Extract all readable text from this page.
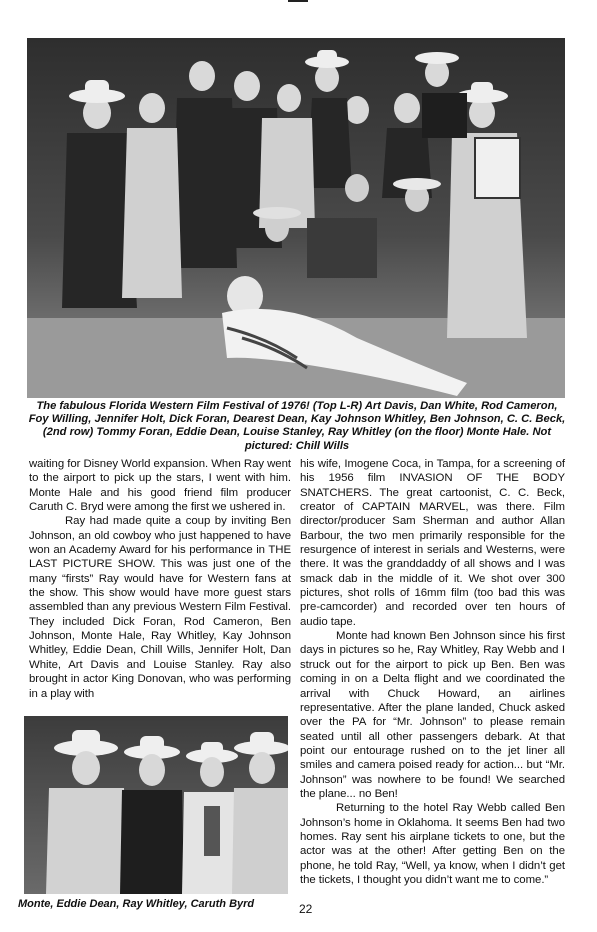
The fabulous Florida Western Film Festival of 1976! (Top L-R) Art Davis, Dan White, Rod Cameron, Foy Willing, Jennifer Holt, Dick Foran, Dearest Dean, Kay Johnson Whitley, Ben Johnson, C. C. Beck, (2nd row) Tommy Foran, Eddie Dean, Louise Stanley, Ray Whitley (on the floor) Monte Hale. Not pictured: Chill Wills

waiting for Disney World expansion. When Ray went to the airport to pick up the stars, I went with him. Monte Hale and his good friend film producer Caruth C. Bryd were among the first we ushered in.

Ray had made quite a coup by inviting Ben Johnson, an old cowboy who just happened to have won an Academy Award for his performance in THE LAST PICTURE SHOW. This was just one of the many “firsts” Ray would have for Western fans at the show. This show would have more guest stars assembled than any previous Western Film Festival. They included Dick Foran, Rod Cameron, Ben Johnson, Monte Hale, Ray Whitley, Kay Johnson Whitley, Eddie Dean, Chill Wills, Jennifer Holt, Dan White, Art Davis and Louise Stanley. Ray also brought in actor King Donovan, who was performing in a play with

his wife, Imogene Coca, in Tampa, for a screening of his 1956 film INVASION OF THE BODY SNATCHERS. The great cartoonist, C. C. Beck, creator of CAPTAIN MARVEL, was there. Film director/producer Sam Sherman and author Allan Barbour, the two men primarily responsible for the resurgence of interest in serials and Westerns, were there. It was the granddaddy of all shows and I was smack dab in the middle of it. We shot over 300 pictures, shot rolls of 16mm film (too bad this was pre-camcorder) and recorded over ten hours of audio tape.

Monte had known Ben Johnson since his first days in pictures so he, Ray Whitley, Ray Webb and I struck out for the airport to pick up Ben. Ben was coming in on a Delta flight and we coordinated the arrival with Chuck Howard, an airlines representative. After the plane landed, Chuck asked over the PA for “Mr. Johnson” to please remain seated until all other passengers debark. At that point our entourage rushed on to the jet liner all smiles and camera poised ready for action... but “Mr. Johnson” was nowhere to be found! We searched the plane... no Ben!

Returning to the hotel Ray Webb called Ben Johnson’s home in Oklahoma. It seems Ben had two homes. Ray sent his airplane tickets to one, but the actor was at the other! After getting Ben on the phone, he told Ray, “Well, ya know, when I didn’t get the tickets, I thought you didn’t want me to come.”

Monte, Eddie Dean, Ray Whitley, Caruth Byrd	22
